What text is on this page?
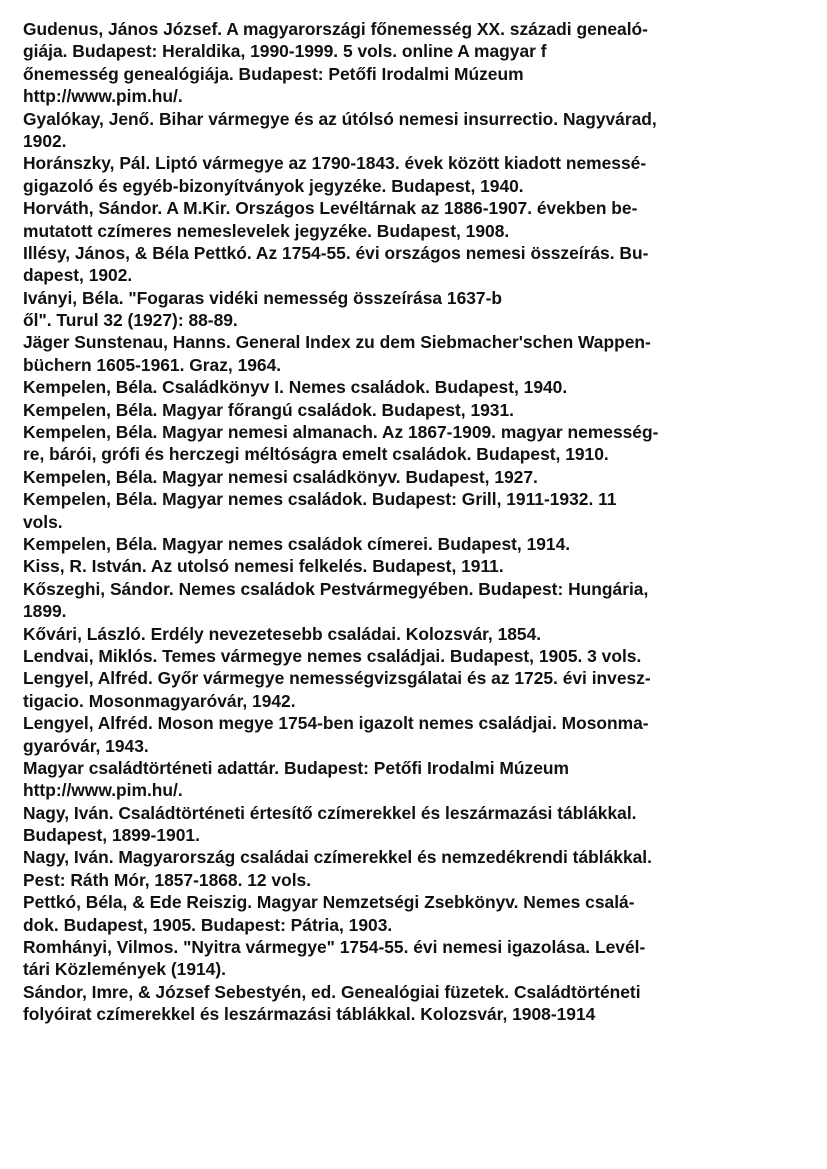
Gudenus, János József. A magyarországi főnemesség XX. századi genealó-
giája. Budapest: Heraldika, 1990-1999. 5 vols. online A magyar f
őnemesség genealógiája. Budapest: Petőfi Irodalmi Múzeum
http://www.pim.hu/.
Gyalókay, Jenő. Bihar vármegye és az útólsó nemesi insurrectio. Nagyvárad,
1902.
Horánszky, Pál. Liptó vármegye az 1790-1843. évek között kiadott nemessé-
gigazoló és egyéb-bizonyítványok jegyzéke. Budapest, 1940.
Horváth, Sándor. A M.Kir. Országos Levéltárnak az 1886-1907. években be-
mutatott czímeres nemeslevelek jegyzéke. Budapest, 1908.
Illésy, János, & Béla Pettkó. Az 1754-55. évi országos nemesi összeírás. Bu-
dapest, 1902.
Iványi, Béla. "Fogaras vidéki nemesség összeírása 1637-b
ől". Turul 32 (1927): 88-89.
Jäger Sunstenau, Hanns. General Index zu dem Siebmacher'schen Wappen-
büchern 1605-1961. Graz, 1964.
Kempelen, Béla. Családkönyv I. Nemes családok. Budapest, 1940.
Kempelen, Béla. Magyar főrangú családok. Budapest, 1931.
Kempelen, Béla. Magyar nemesi almanach. Az 1867-1909. magyar nemesség-
re, bárói, grófi és herczegi méltóságra emelt családok. Budapest, 1910.
Kempelen, Béla. Magyar nemesi családkönyv. Budapest, 1927.
Kempelen, Béla. Magyar nemes családok. Budapest: Grill, 1911-1932. 11
vols.
Kempelen, Béla. Magyar nemes családok címerei. Budapest, 1914.
Kiss, R. István. Az utolsó nemesi felkelés. Budapest, 1911.
Kőszeghi, Sándor. Nemes családok Pestvármegyében. Budapest: Hungária,
1899.
Kővári, László. Erdély nevezetesebb családai. Kolozsvár, 1854.
Lendvai, Miklós. Temes vármegye nemes családjai. Budapest, 1905. 3 vols.
Lengyel, Alfréd. Győr vármegye nemességvizsgálatai és az 1725. évi invesz-
tigacio. Mosonmagyaróvár, 1942.
Lengyel, Alfréd. Moson megye 1754-ben igazolt nemes családjai. Mosonma-
gyaróvár, 1943.
Magyar családtörténeti adattár. Budapest: Petőfi Irodalmi Múzeum
http://www.pim.hu/.
Nagy, Iván. Családtörténeti értesítő czímerekkel és leszármazási táblákkal.
Budapest, 1899-1901.
Nagy, Iván. Magyarország családai czímerekkel és nemzedékrendi táblákkal.
Pest: Ráth Mór, 1857-1868. 12 vols.
Pettkó, Béla, & Ede Reiszig. Magyar Nemzetségi Zsebkönyv. Nemes csalá-
dok. Budapest, 1905. Budapest: Pátria, 1903.
Romhányi, Vilmos. "Nyitra vármegye" 1754-55. évi nemesi igazolása. Levél-
tári Közlemények (1914).
Sándor, Imre, & József Sebestyén, ed. Genealógiai füzetek. Családtörténeti
folyóirat czímerekkel és leszármazási táblákkal. Kolozsvár, 1908-1914
